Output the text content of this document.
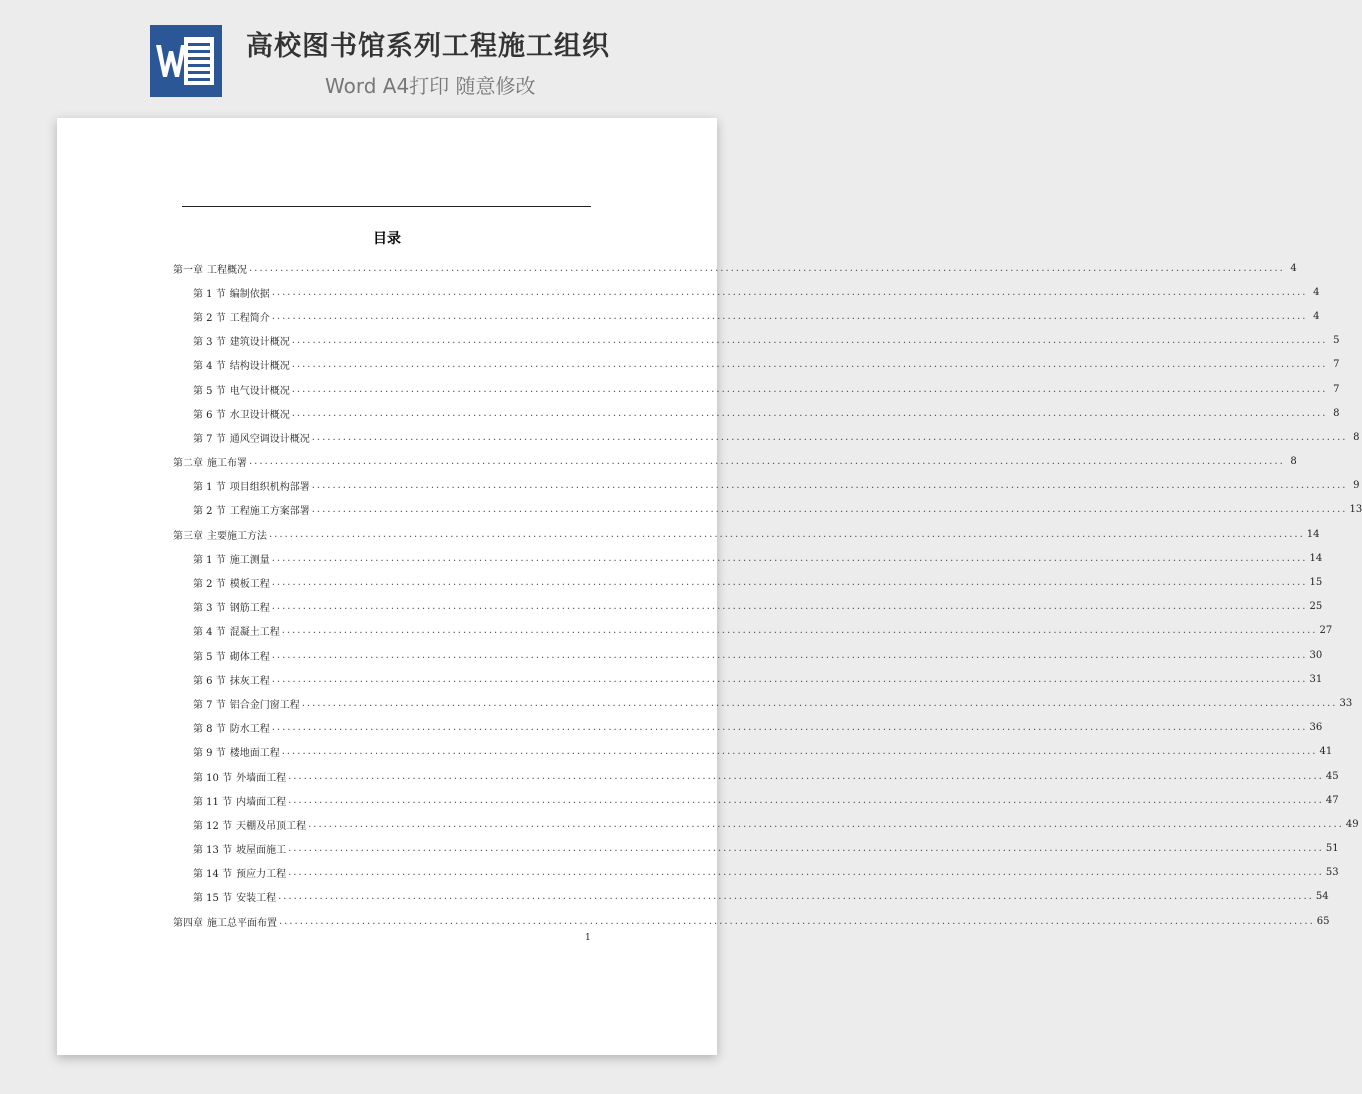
高校图书馆系列工程施工组织
Word A4打印 随意修改
目录
第一章 工程概况 ........................................................................................................................................................................................................ 4
第 1 节 编制依据 ........................................................................................................................................................................................................ 4
第 2 节 工程简介 ........................................................................................................................................................................................................ 4
第 3 节 建筑设计概况 ........................................................................................................................................................................................................ 5
第 4 节 结构设计概况 ........................................................................................................................................................................................................ 7
第 5 节 电气设计概况 ........................................................................................................................................................................................................ 7
第 6 节 水卫设计概况 ........................................................................................................................................................................................................ 8
第 7 节 通风空调设计概况 ........................................................................................................................................................................................................ 8
第二章 施工布署 ........................................................................................................................................................................................................ 8
第 1 节 项目组织机构部署 ........................................................................................................................................................................................................ 9
第 2 节 工程施工方案部署 ........................................................................................................................................................................................................ 13
第三章 主要施工方法 ........................................................................................................................................................................................................ 14
第 1 节 施工测量 ........................................................................................................................................................................................................ 14
第 2 节 模板工程 ........................................................................................................................................................................................................ 15
第 3 节 钢筋工程 ........................................................................................................................................................................................................ 25
第 4 节 混凝土工程 ........................................................................................................................................................................................................ 27
第 5 节 砌体工程 ........................................................................................................................................................................................................ 30
第 6 节 抹灰工程 ........................................................................................................................................................................................................ 31
第 7 节 铝合金门窗工程 ........................................................................................................................................................................................................ 33
第 8 节 防水工程 ........................................................................................................................................................................................................ 36
第 9 节 楼地面工程 ........................................................................................................................................................................................................ 41
第 10 节 外墙面工程 ........................................................................................................................................................................................................ 45
第 11 节 内墙面工程 ........................................................................................................................................................................................................ 47
第 12 节 天棚及吊顶工程 ........................................................................................................................................................................................................ 49
第 13 节 坡屋面施工 ........................................................................................................................................................................................................ 51
第 14 节 预应力工程 ........................................................................................................................................................................................................ 53
第 15 节 安装工程 ........................................................................................................................................................................................................ 54
第四章 施工总平面布置 ........................................................................................................................................................................................................ 65
1
